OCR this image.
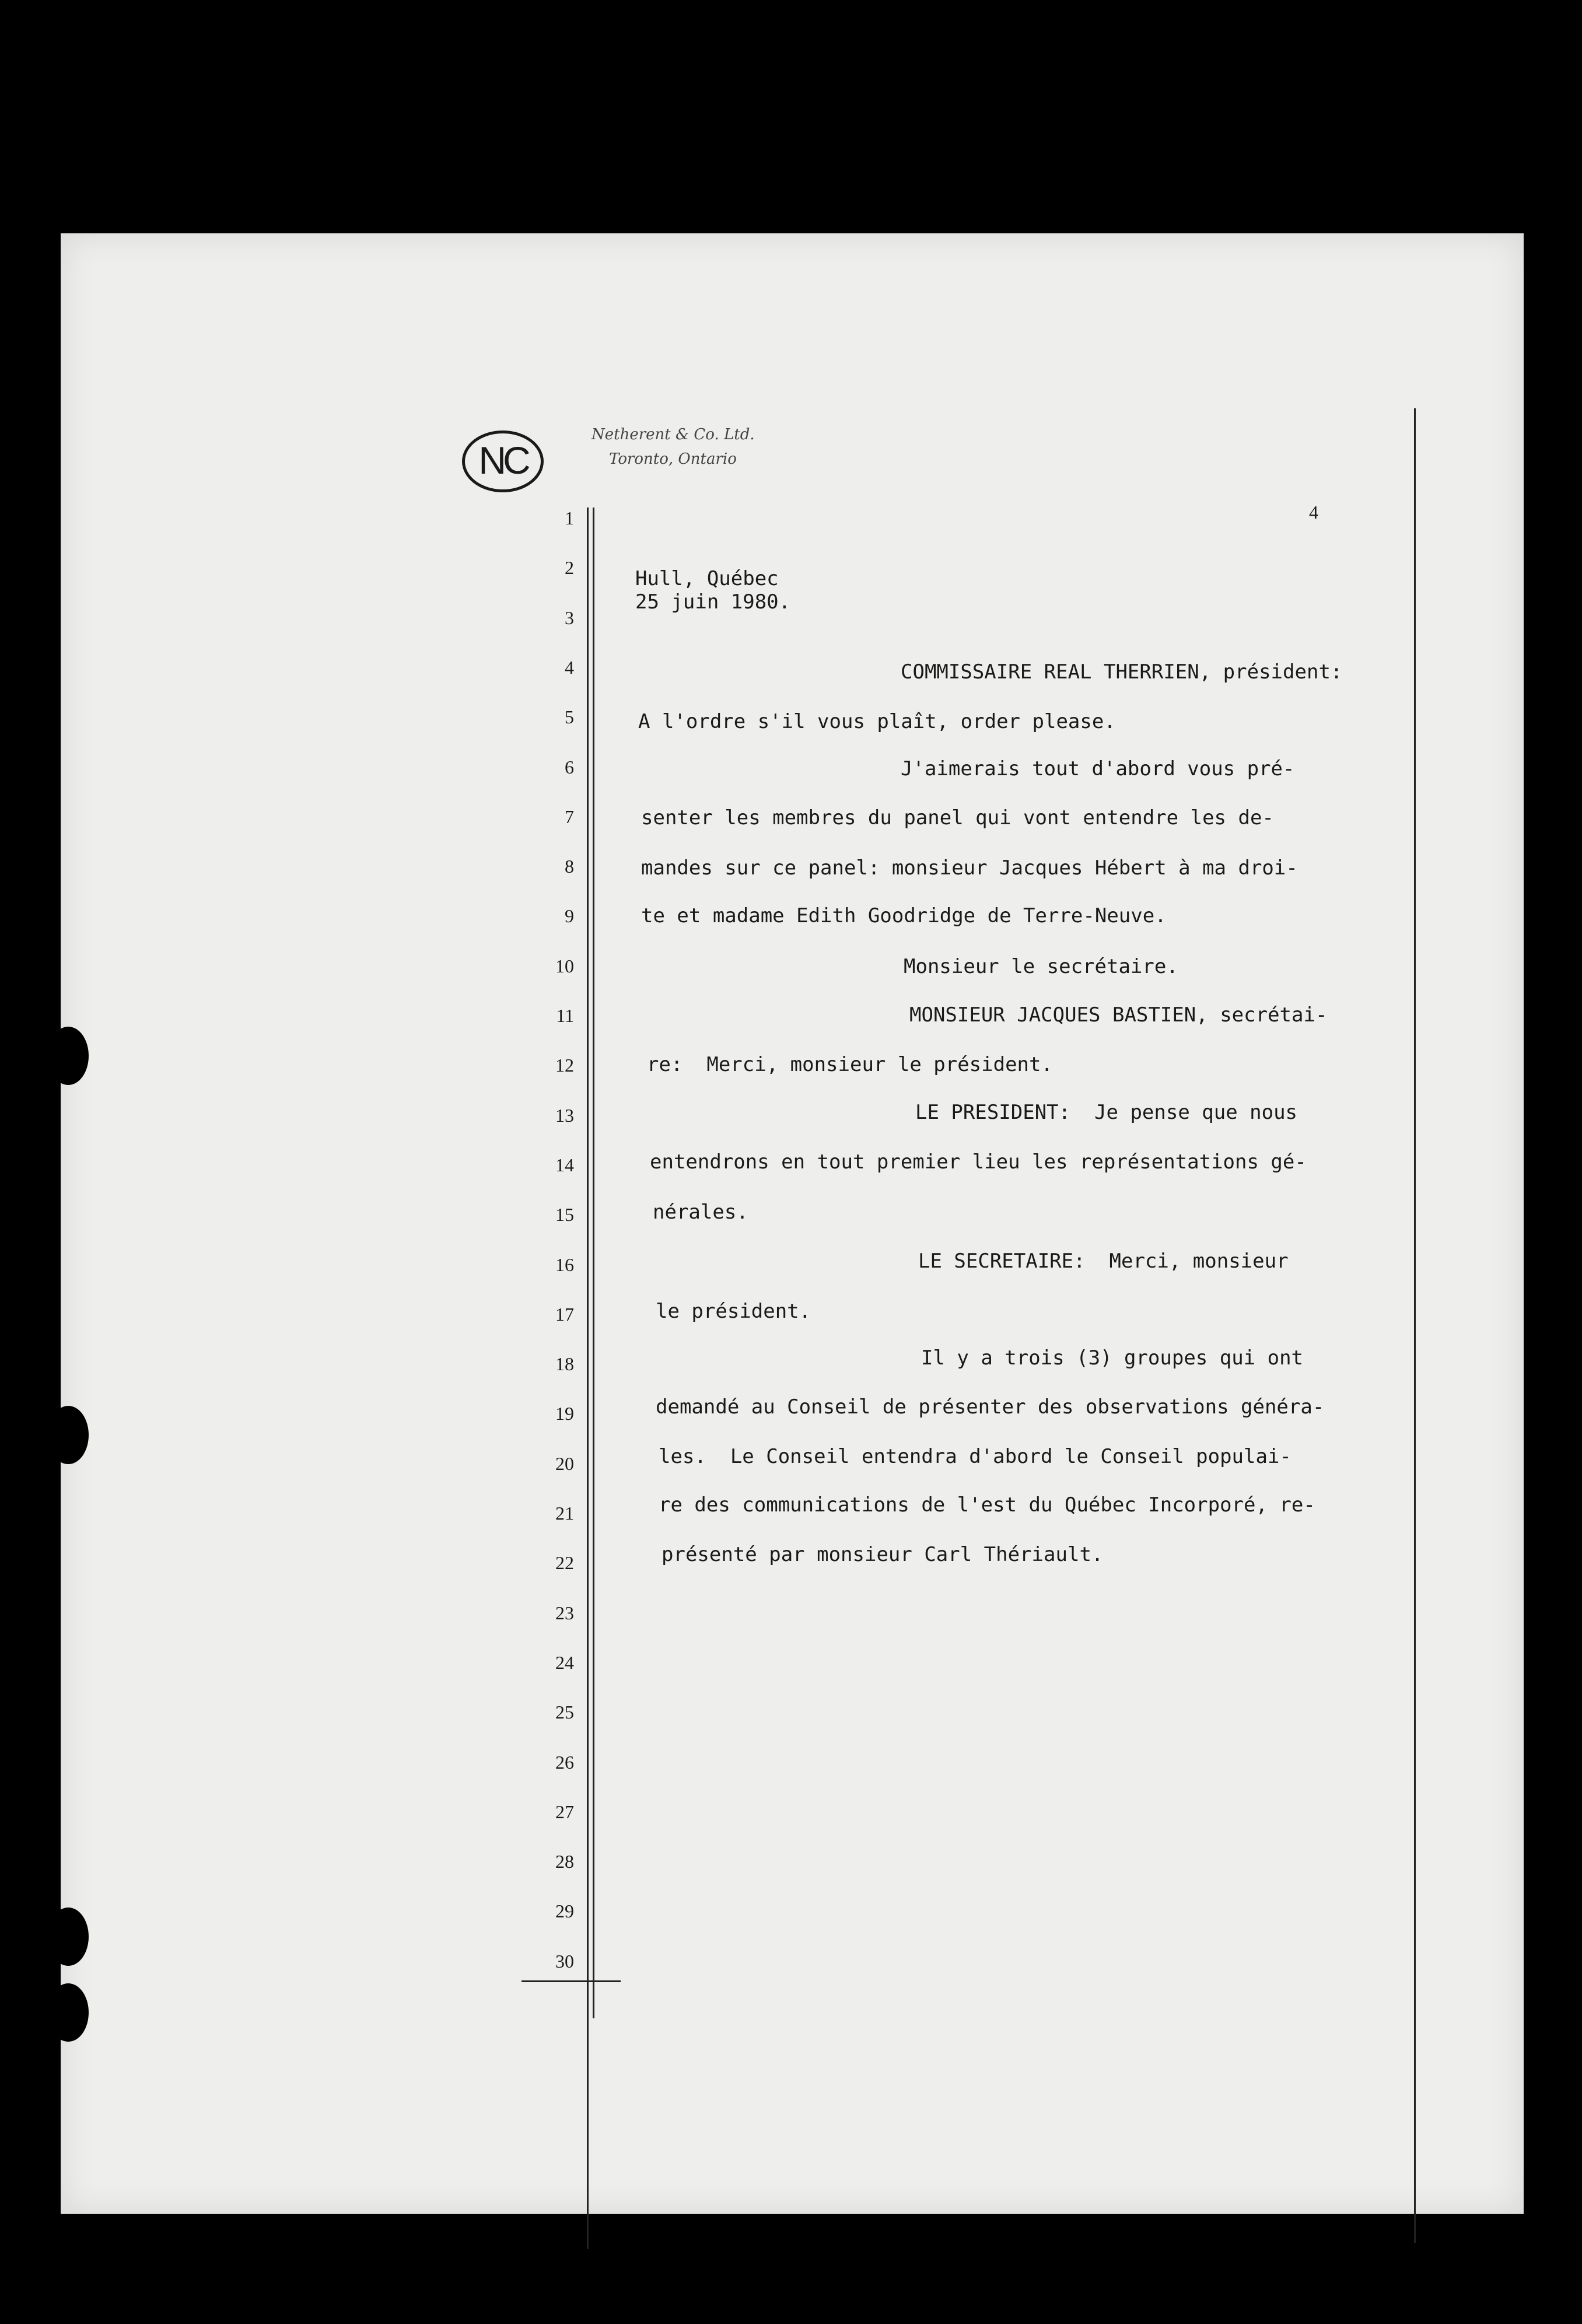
NC
Netherent & Co. Ltd.
Toronto, Ontario
4
1
2
3
4
5
6
7
8
9
10
11
12
13
14
15
16
17
18
19
20
21
22
23
24
25
26
27
28
29
30
Hull, Québec
25 juin 1980.
COMMISSAIRE REAL THERRIEN, président:
A l'ordre s'il vous plaît, order please.
J'aimerais tout d'abord vous pré-
senter les membres du panel qui vont entendre les de-
mandes sur ce panel: monsieur Jacques Hébert à ma droi-
te et madame Edith Goodridge de Terre-Neuve.
Monsieur le secrétaire.
MONSIEUR JACQUES BASTIEN, secrétai-
re:  Merci, monsieur le président.
LE PRESIDENT:  Je pense que nous
entendrons en tout premier lieu les représentations gé-
nérales.
LE SECRETAIRE:  Merci, monsieur
le président.
Il y a trois (3) groupes qui ont
demandé au Conseil de présenter des observations généra-
les.  Le Conseil entendra d'abord le Conseil populai-
re des communications de l'est du Québec Incorporé, re-
présenté par monsieur Carl Thériault.
